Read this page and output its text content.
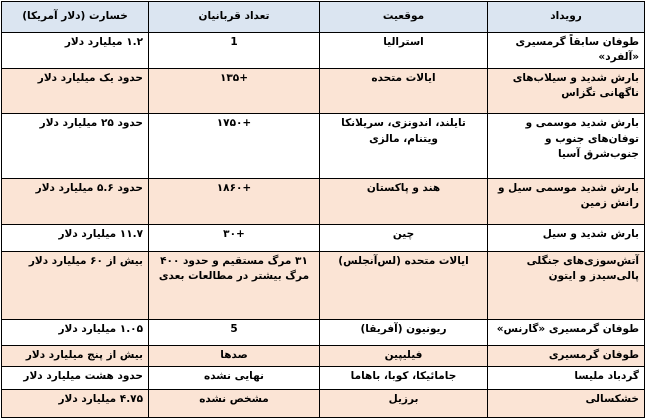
رویداد	موقعیت	تعداد قربانیان	خسارت (دلار آمریکا)
طوفان سابقاً گرمسیری «آلفرد»	استرالیا	1	۱.۲ میلیارد دلار
بارش شدید و سیلاب‌های ناگهانی تگزاس	ایالات متحده	+۱۳۵	حدود یک میلیارد دلار
بارش شدید موسمی و توفان‌های جنوب و جنوب‌شرق آسیا	تایلند، اندونزی، سریلانکا ویتنام، مالزی	+۱۷۵۰	حدود ۲۵ میلیارد دلار
بارش شدید موسمی سیل و رانش زمین	هند و پاکستان	+۱۸۶۰	حدود ۵.۶ میلیارد دلار
بارش شدید و سیل	چین	+۳۰	۱۱.۷ میلیارد دلار
آتش‌سوزی‌های جنگلی پالی‌سیدز و ایتون	ایالات متحده (لس‌آنجلس)	۳۱ مرگ مستقیم و حدود ۴۰۰ مرگ بیشتر در مطالعات بعدی	بیش از ۶۰ میلیارد دلار
طوفان گرمسیری «گارنس»	ریونیون (آفریقا)	5	۱.۰۵ میلیارد دلار
طوفان گرمسیری	فیلیپین	صدها	بیش از پنج میلیارد دلار
گردباد ملیسا	جامائیکا، کوبا، باهاما	نهایی نشده	حدود هشت میلیارد دلار
خشکسالی	برزیل	مشخص نشده	۴.۷۵ میلیارد دلار
